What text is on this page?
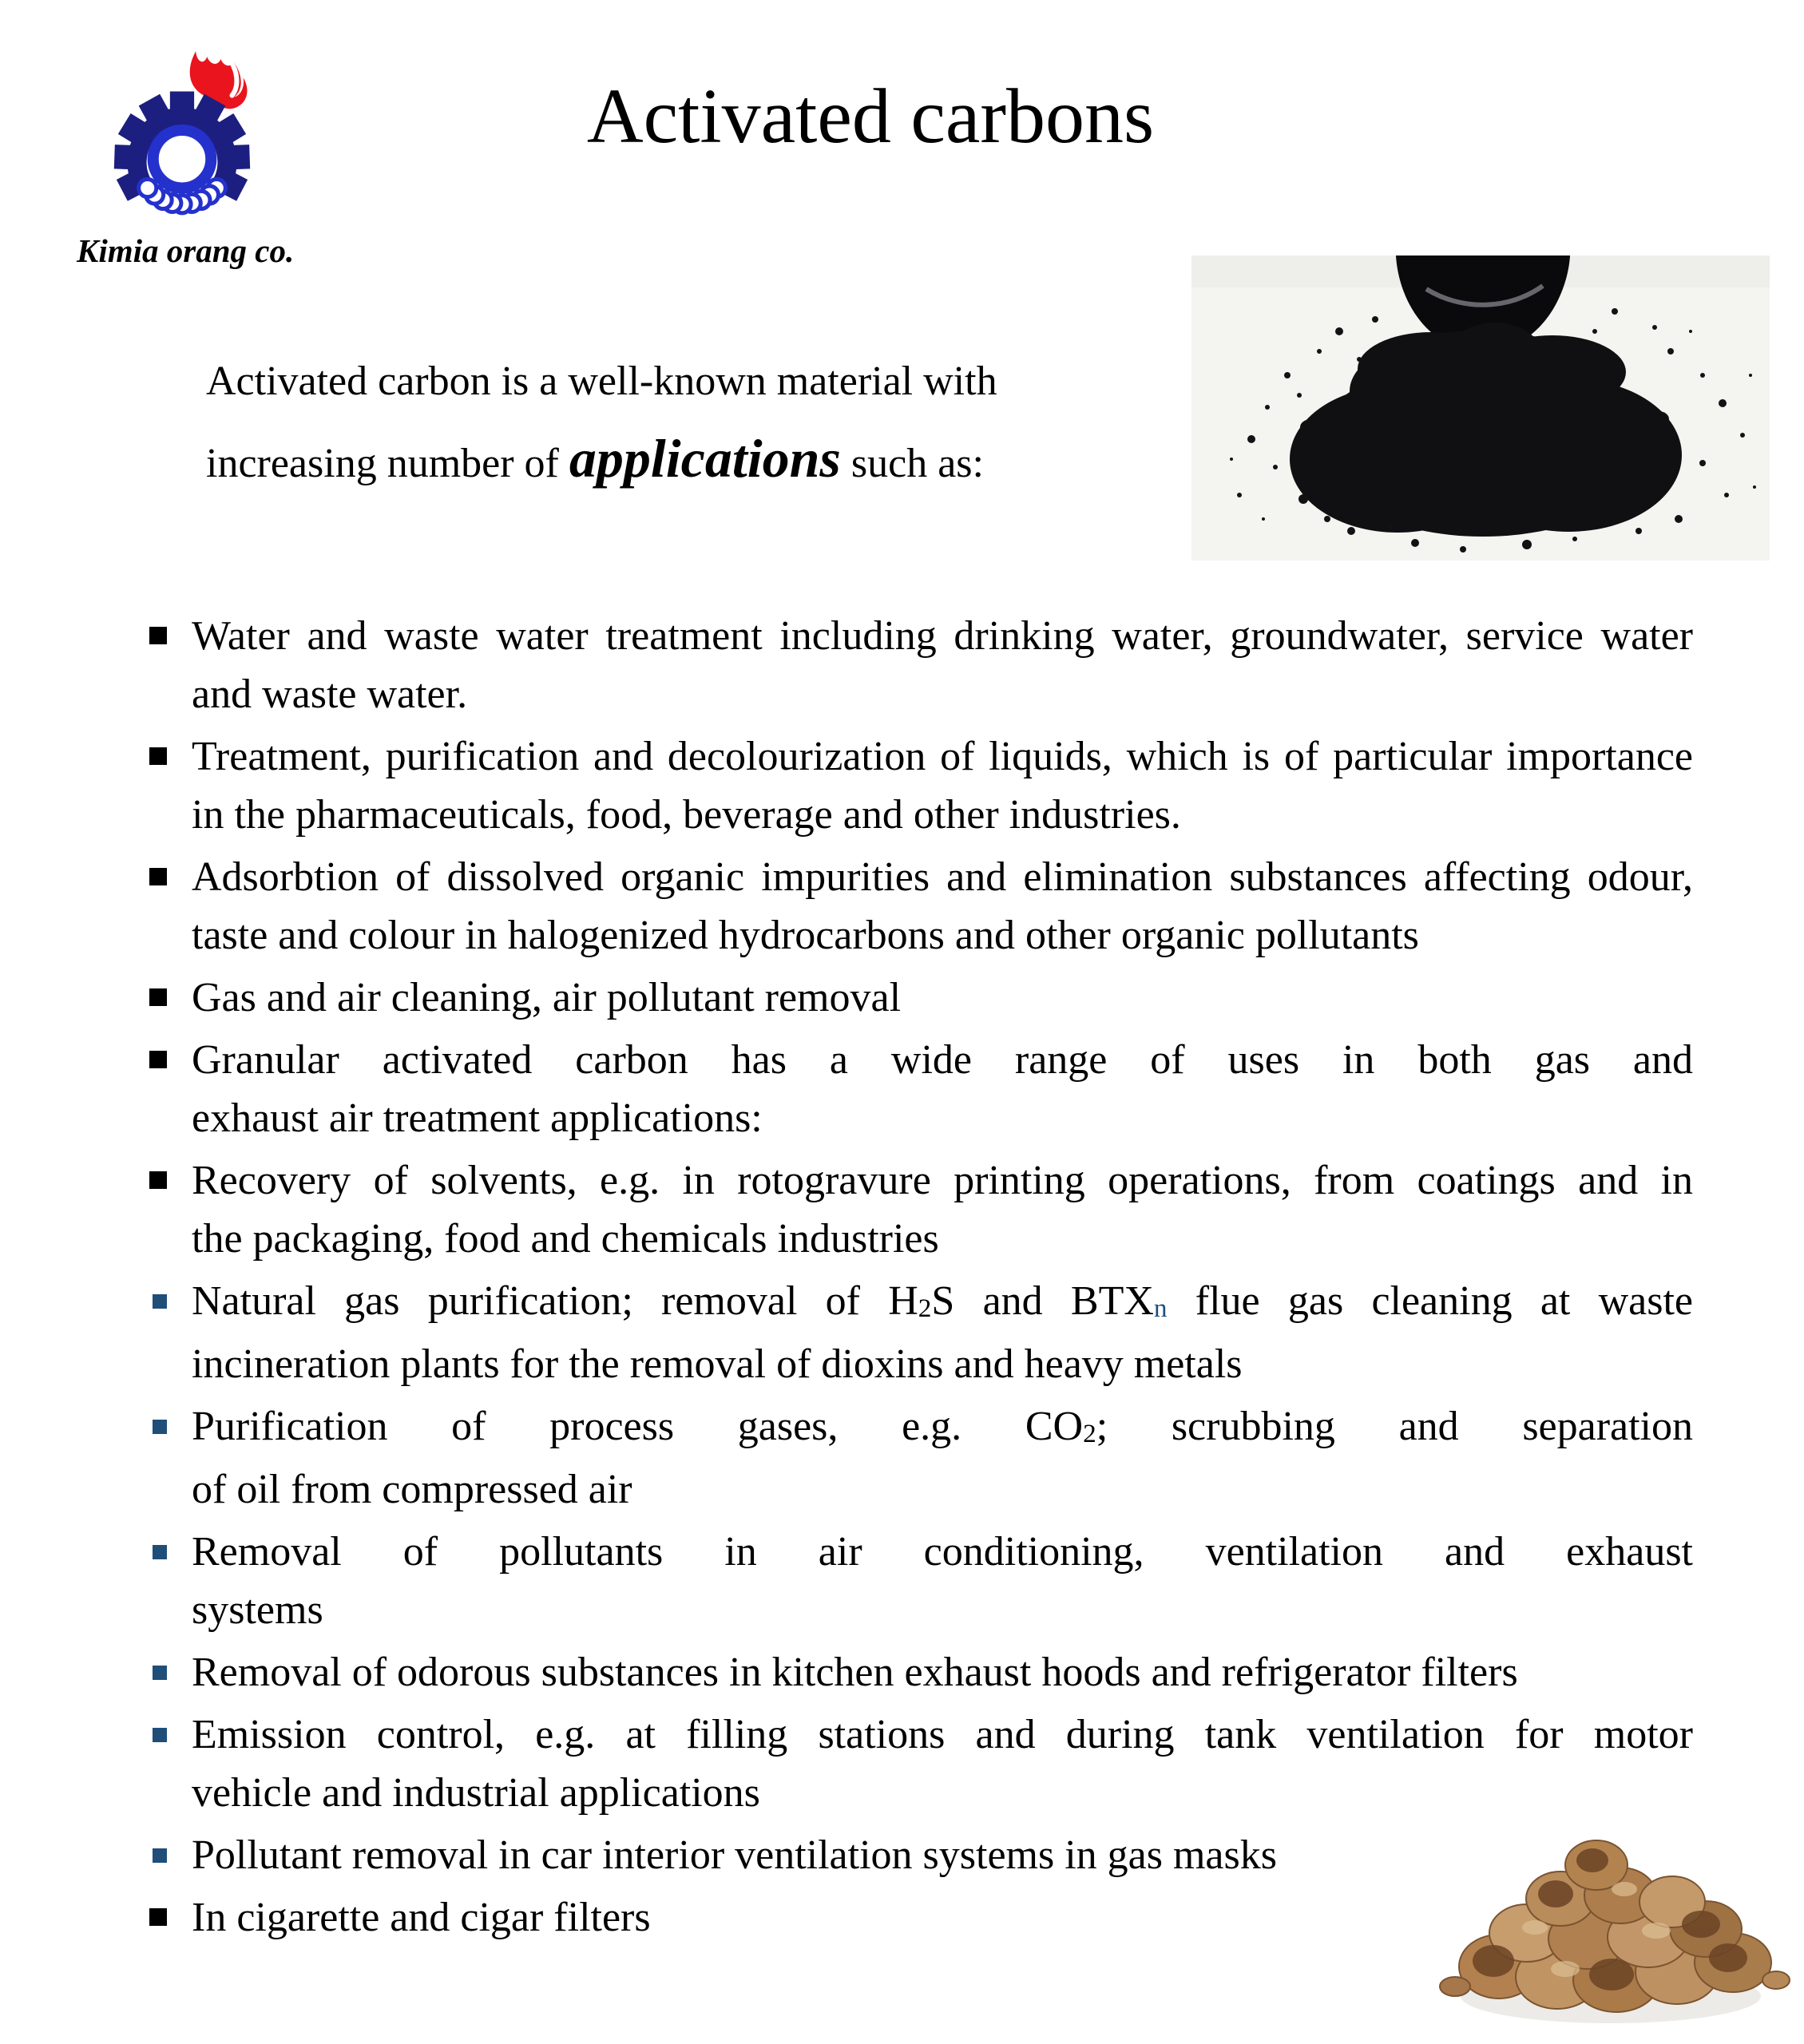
Kimia orang co.
Activated carbons
Activated carbon is a well-known material with
increasing number of applications such as:
Water and waste water treatment including drinking water, groundwater, service water
and waste water.
Treatment, purification and decolourization of liquids, which is of particular importance
in the pharmaceuticals, food, beverage and other industries.
Adsorbtion of dissolved organic impurities and elimination substances affecting odour,
taste and colour in halogenized hydrocarbons and other organic pollutants
Gas and air cleaning, air pollutant removal
Granular activated carbon has a wide range of uses in both gas and
exhaust air treatment applications:
Recovery of solvents, e.g. in rotogravure printing operations, from coatings and in
the packaging, food and chemicals industries
Natural gas purification; removal of H2S and BTXn flue gas cleaning at waste
incineration plants for the removal of dioxins and heavy metals
Purification of process gases, e.g. CO2; scrubbing and separation
of oil from compressed air
Removal of pollutants in air conditioning, ventilation and exhaust
systems
Removal of odorous substances in kitchen exhaust hoods and refrigerator filters
Emission control, e.g. at filling stations and during tank ventilation for motor
vehicle and industrial applications
Pollutant removal in car interior ventilation systems in gas masks
In cigarette and cigar filters
